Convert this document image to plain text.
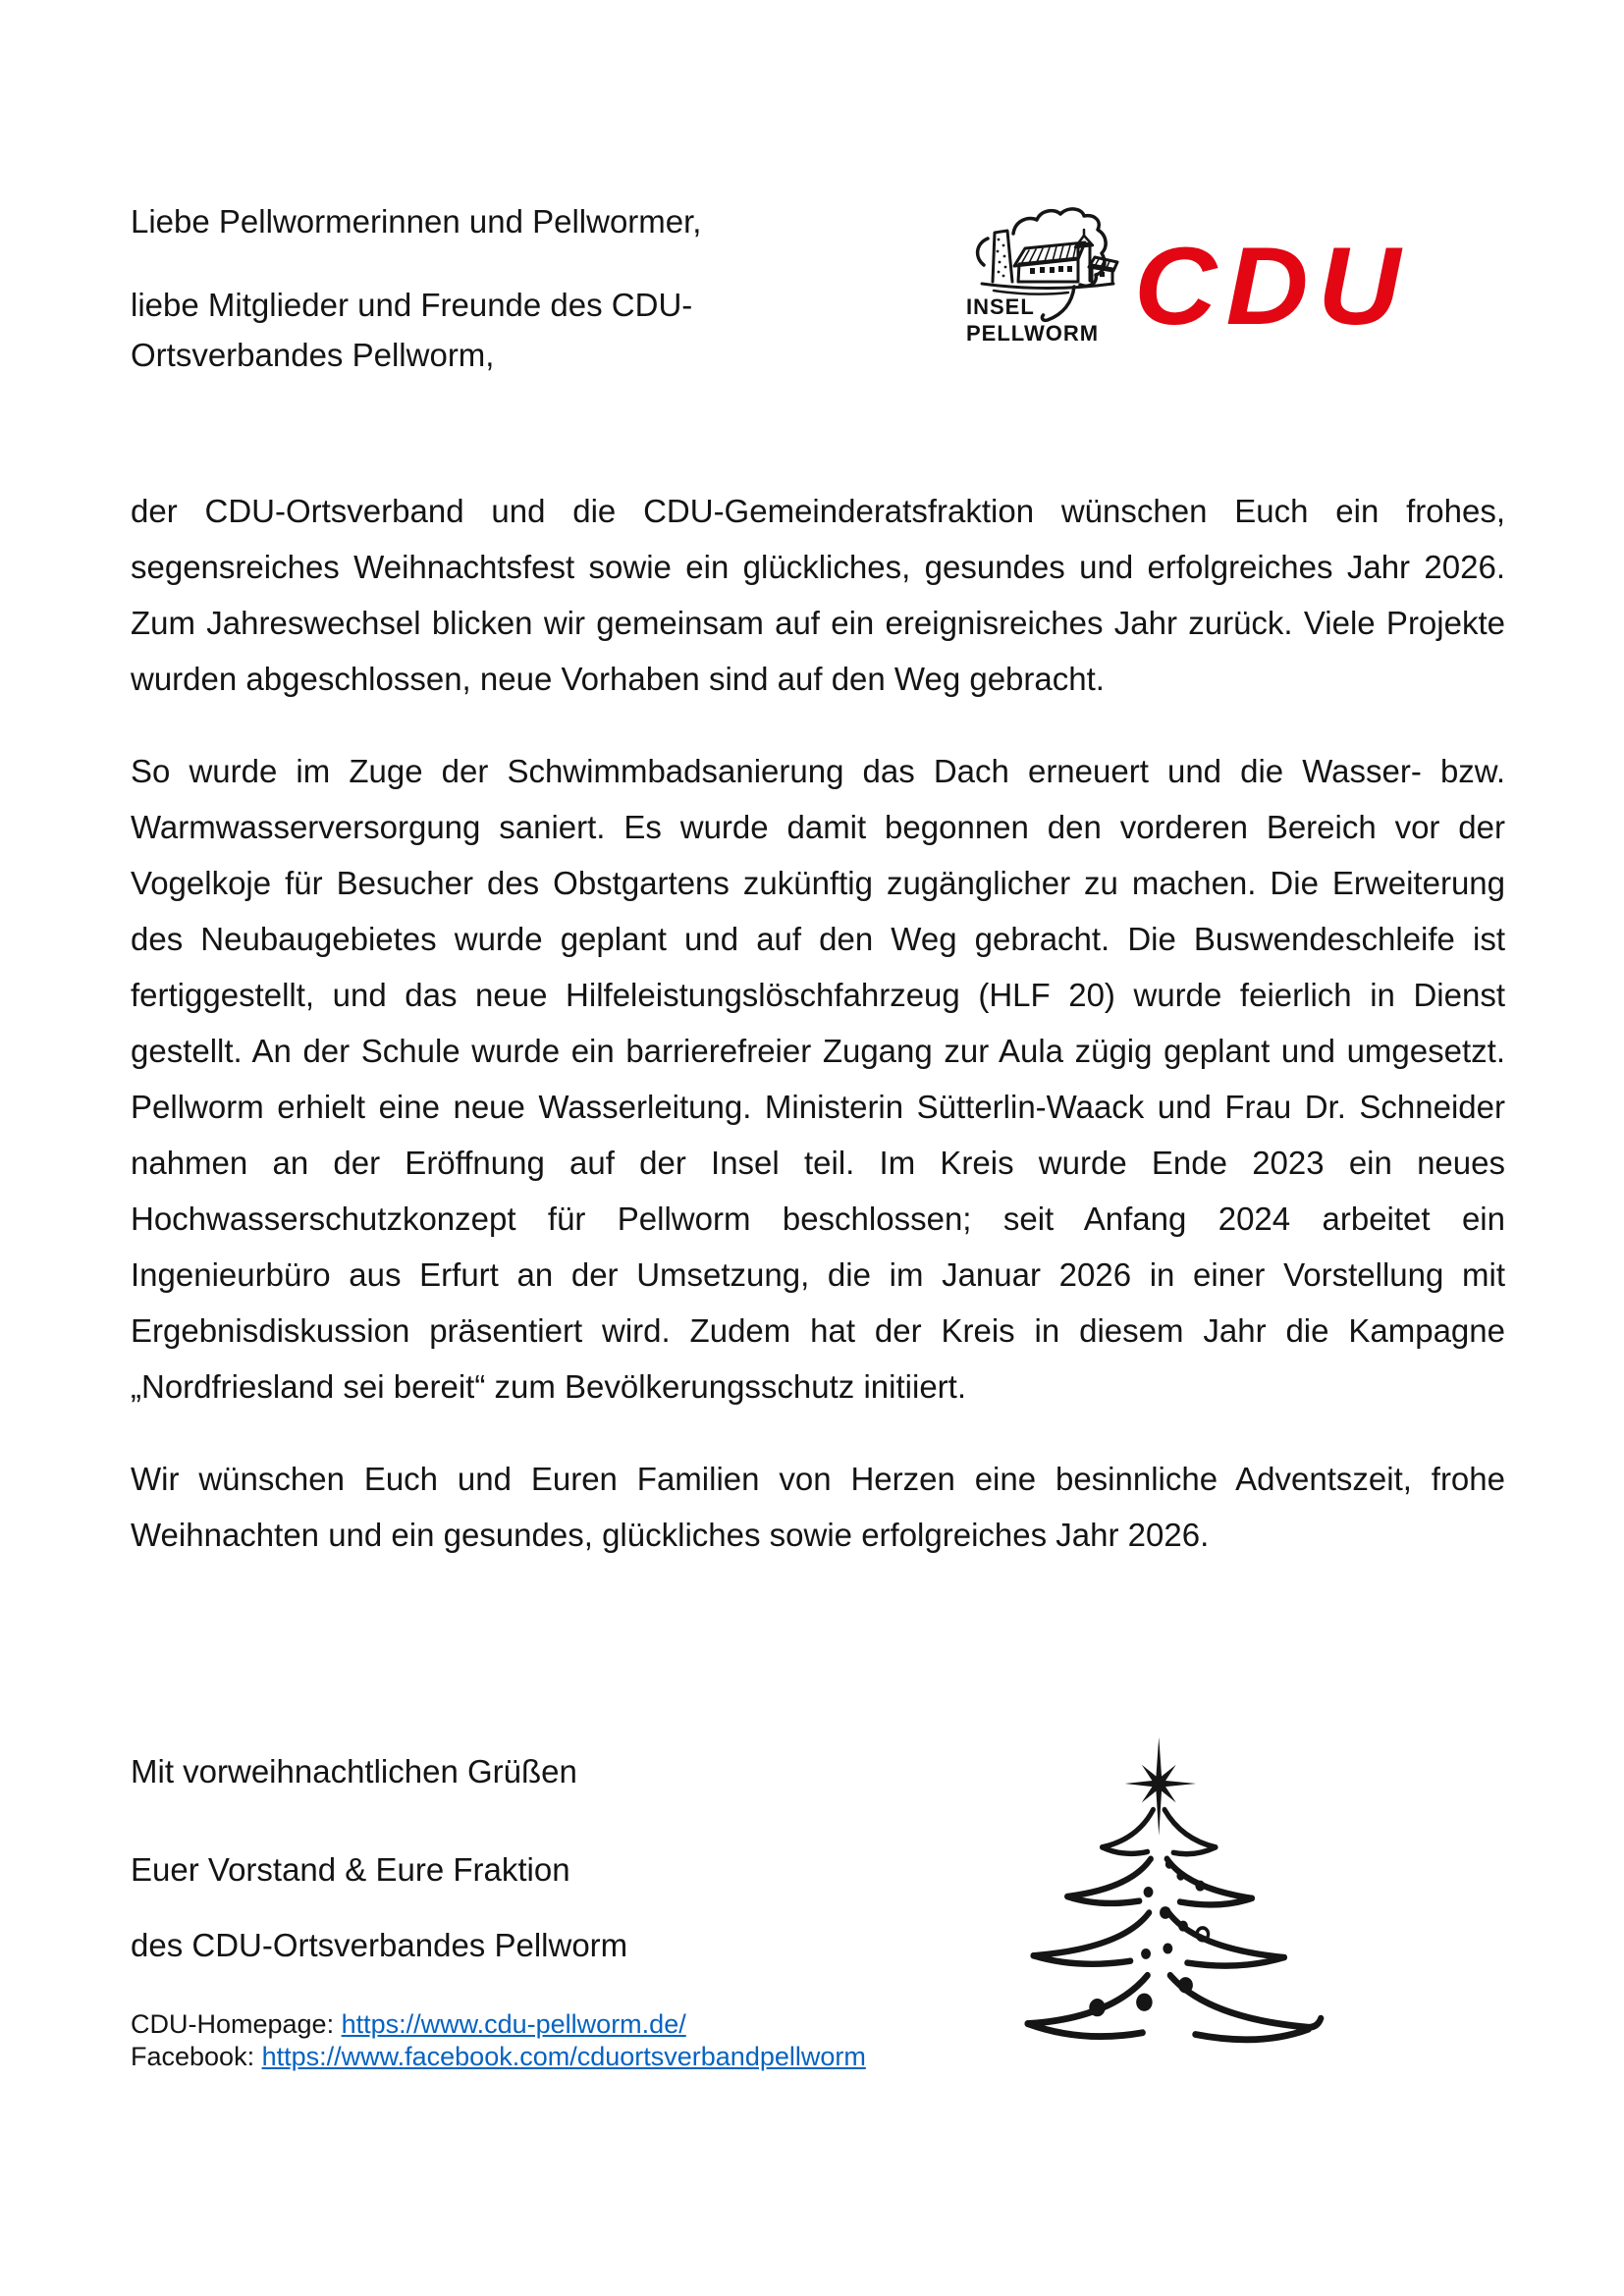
Liebe Pellwormerinnen und Pellwormer,
liebe Mitglieder und Freunde des CDU-
Ortsverbandes Pellworm,
INSEL
PELLWORM CDU

der CDU-Ortsverband und die CDU-Gemeinderatsfraktion wünschen Euch ein frohes, segensreiches Weihnachtsfest sowie ein glückliches, gesundes und erfolgreiches Jahr 2026. Zum Jahreswechsel blicken wir gemeinsam auf ein ereignisreiches Jahr zurück. Viele Projekte wurden abgeschlossen, neue Vorhaben sind auf den Weg gebracht.

So wurde im Zuge der Schwimmbadsanierung das Dach erneuert und die Wasser- bzw. Warmwasserversorgung saniert. Es wurde damit begonnen den vorderen Bereich vor der Vogelkoje für Besucher des Obstgartens zukünftig zugänglicher zu machen. Die Erweiterung des Neubaugebietes wurde geplant und auf den Weg gebracht. Die Buswendeschleife ist fertiggestellt, und das neue Hilfeleistungslöschfahrzeug (HLF 20) wurde feierlich in Dienst gestellt. An der Schule wurde ein barrierefreier Zugang zur Aula zügig geplant und umgesetzt. Pellworm erhielt eine neue Wasserleitung. Ministerin Sütterlin-Waack und Frau Dr. Schneider nahmen an der Eröffnung auf der Insel teil. Im Kreis wurde Ende 2023 ein neues Hochwasserschutzkonzept für Pellworm beschlossen; seit Anfang 2024 arbeitet ein Ingenieurbüro aus Erfurt an der Umsetzung, die im Januar 2026 in einer Vorstellung mit Ergebnisdiskussion präsentiert wird. Zudem hat der Kreis in diesem Jahr die Kampagne „Nordfriesland sei bereit“ zum Bevölkerungsschutz initiiert.

Wir wünschen Euch und Euren Familien von Herzen eine besinnliche Adventszeit, frohe Weihnachten und ein gesundes, glückliches sowie erfolgreiches Jahr 2026.

Mit vorweihnachtlichen Grüßen
Euer Vorstand & Eure Fraktion
des CDU-Ortsverbandes Pellworm
CDU-Homepage: https://www.cdu-pellworm.de/
Facebook: https://www.facebook.com/cduortsverbandpellworm
